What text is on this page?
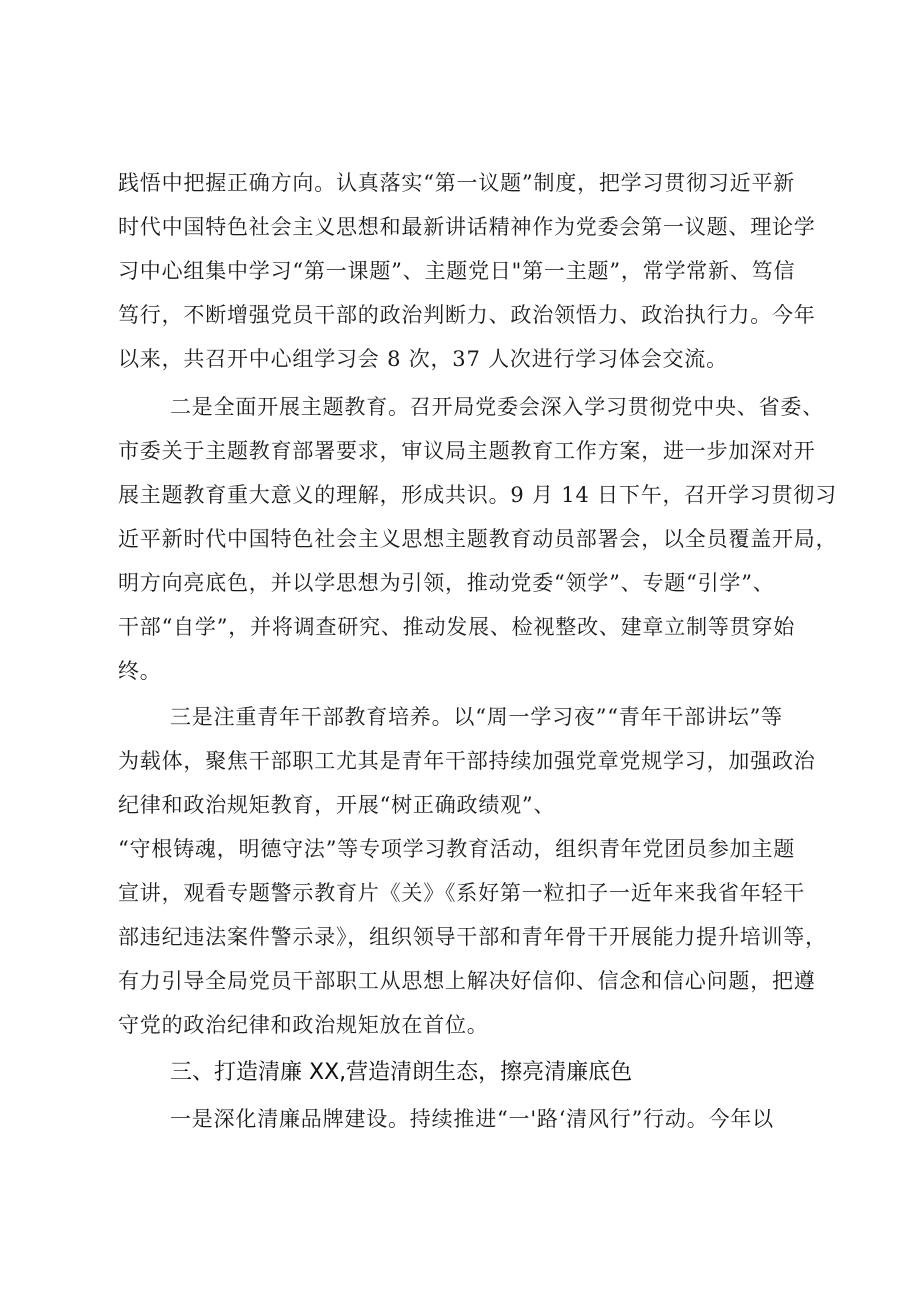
践悟中把握正确方向。认真落实“第一议题”制度，把学习贯彻习近平新
时代中国特色社会主义思想和最新讲话精神作为党委会第一议题、理论学
习中心组集中学习“第一课题”、主题党日"第一主题”，常学常新、笃信
笃行，不断增强党员干部的政治判断力、政治领悟力、政治执行力。今年
以来，共召开中心组学习会 8 次，37 人次进行学习体会交流。
二是全面开展主题教育。召开局党委会深入学习贯彻党中央、省委、
市委关于主题教育部署要求，审议局主题教育工作方案，进一步加深对开
展主题教育重大意义的理解，形成共识。9 月 14 日下午，召开学习贯彻习
近平新时代中国特色社会主义思想主题教育动员部署会，以全员覆盖开局，
明方向亮底色，并以学思想为引领，推动党委“领学”、专题“引学”、
干部“自学”，并将调查研究、推动发展、检视整改、建章立制等贯穿始
终。
三是注重青年干部教育培养。以“周一学习夜”“青年干部讲坛”等
为载体，聚焦干部职工尤其是青年干部持续加强党章党规学习，加强政治
纪律和政治规矩教育，开展“树正确政绩观”、
“守根铸魂，明德守法”等专项学习教育活动，组织青年党团员参加主题
宣讲，观看专题警示教育片《关》《系好第一粒扣子一近年来我省年轻干
部违纪违法案件警示录》，组织领导干部和青年骨干开展能力提升培训等，
有力引导全局党员干部职工从思想上解决好信仰、信念和信心问题，把遵
守党的政治纪律和政治规矩放在首位。
三、打造清廉 XX,营造清朗生态，擦亮清廉底色
一是深化清廉品牌建设。持续推进“一'路‘清风行”行动。今年以
